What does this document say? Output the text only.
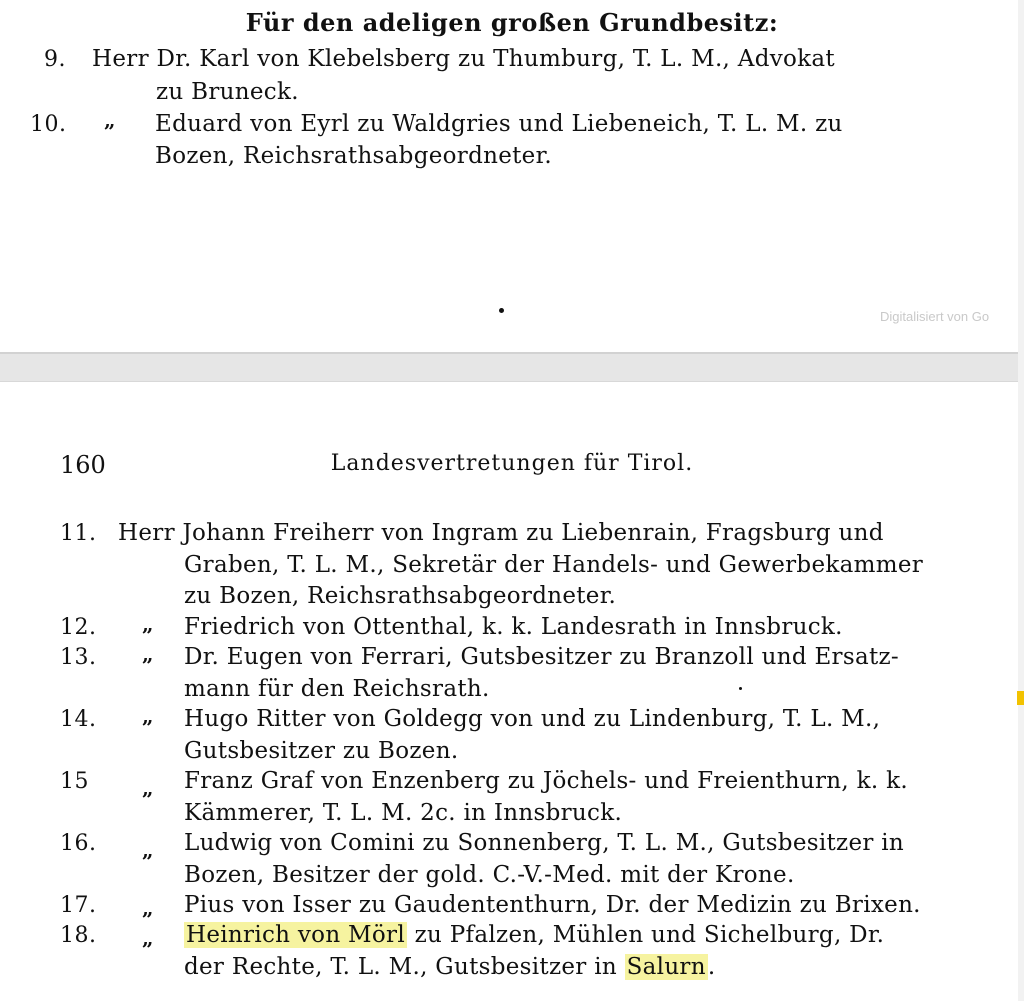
Für den adeligen großen Grundbesitz:
9. Herr Dr. Karl von Klebelsberg zu Thumburg, T. L. M., Advokat
zu Bruneck.
10. „ Eduard von Eyrl zu Waldgries und Liebeneich, T. L. M. zu
Bozen, Reichsrathsabgeordneter.
Digitalisiert von Go
160	Landesvertretungen für Tirol.
11. Herr Johann Freiherr von Ingram zu Liebenrain, Fragsburg und
Graben, T. L. M., Sekretär der Handels- und Gewerbekammer
zu Bozen, Reichsrathsabgeordneter.
12. „ Friedrich von Ottenthal, k. k. Landesrath in Innsbruck.
13. „ Dr. Eugen von Ferrari, Gutsbesitzer zu Branzoll und Ersatz-
mann für den Reichsrath.
14. „ Hugo Ritter von Goldegg von und zu Lindenburg, T. L. M.,
Gutsbesitzer zu Bozen.
15	„ Franz Graf von Enzenberg zu Jöchels- und Freienthurn, k. k.
Kämmerer, T. L. M. 2c. in Innsbruck.
16. „ Ludwig von Comini zu Sonnenberg, T. L. M., Gutsbesitzer in
Bozen, Besitzer der gold. C.-V.-Med. mit der Krone.
17. „ Pius von Isser zu Gaudententhurn, Dr. der Medizin zu Brixen.
18. „ Heinrich von Mörl zu Pfalzen, Mühlen und Sichelburg, Dr.
der Rechte, T. L. M., Gutsbesitzer in Salurn.
